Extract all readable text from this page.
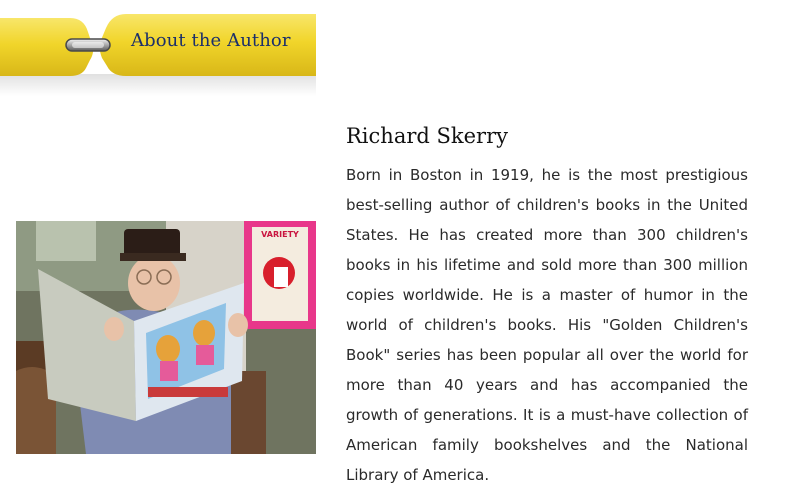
About the Author
VARIETY
Richard Skerry

Born in Boston in 1919, he is the most prestigious best-selling author of children's books in the United States. He has created more than 300 children's books in his lifetime and sold more than 300 million copies worldwide. He is a master of humor in the world of children's books. His "Golden Children's Book" series has been popular all over the world for more than 40 years and has accompanied the growth of generations. It is a must-have collection of American family bookshelves and the National Library of America.
